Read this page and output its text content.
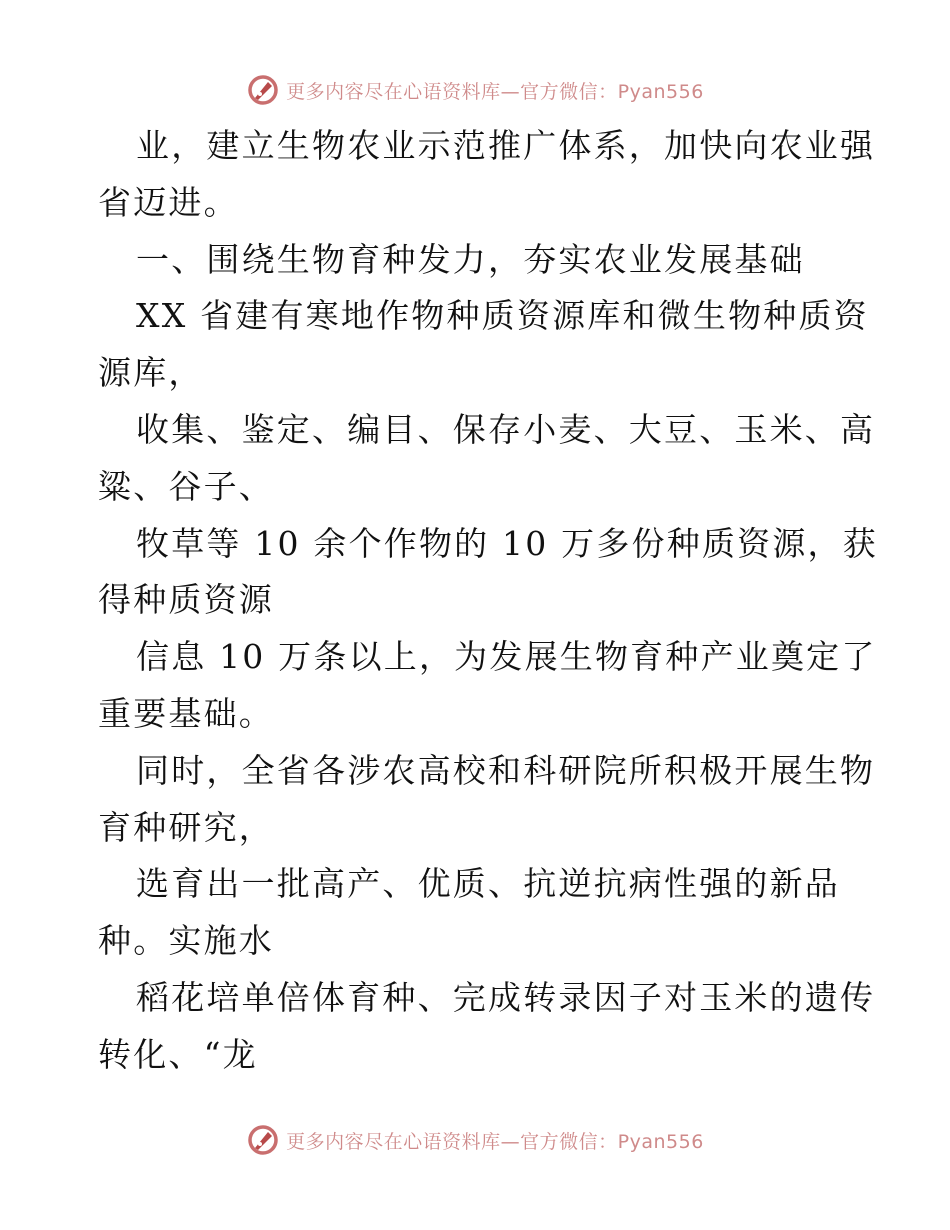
更多内容尽在心语资料库—官方微信：Pyan556
业，建立生物农业示范推广体系，加快向农业强
省迈进。
一、围绕生物育种发力，夯实农业发展基础
XX 省建有寒地作物种质资源库和微生物种质资
源库，
收集、鉴定、编目、保存小麦、大豆、玉米、高
粱、谷子、
牧草等 10 余个作物的 10 万多份种质资源，获
得种质资源
信息 10 万条以上，为发展生物育种产业奠定了
重要基础。
同时，全省各涉农高校和科研院所积极开展生物
育种研究，
选育出一批高产、优质、抗逆抗病性强的新品
种。实施水
稻花培单倍体育种、完成转录因子对玉米的遗传
转化、“龙
更多内容尽在心语资料库—官方微信：Pyan556
